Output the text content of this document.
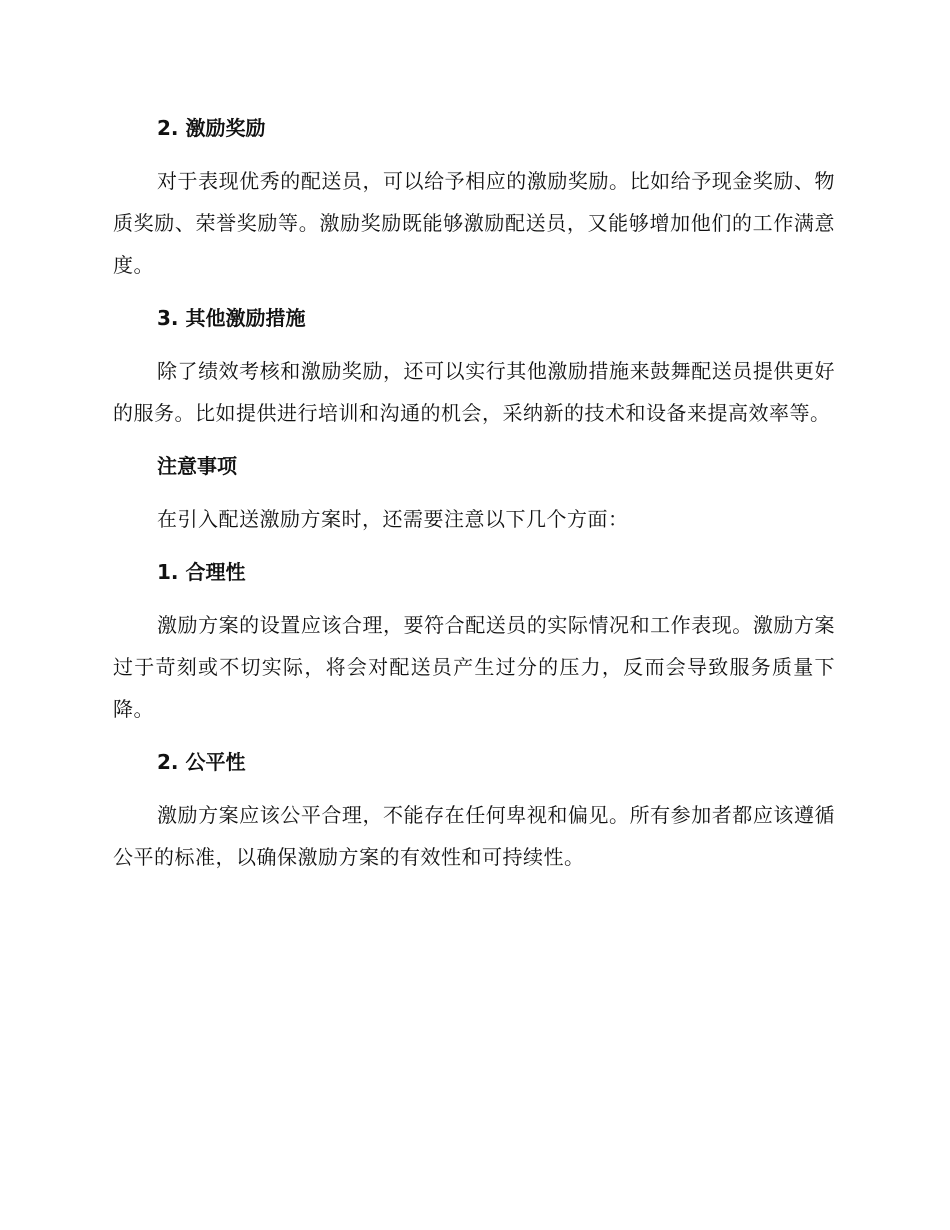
2. 激励奖励

对于表现优秀的配送员，可以给予相应的激励奖励。比如给予现金奖励、物质奖励、荣誉奖励等。激励奖励既能够激励配送员，又能够增加他们的工作满意度。

3. 其他激励措施

除了绩效考核和激励奖励，还可以实行其他激励措施来鼓舞配送员提供更好的服务。比如提供进行培训和沟通的机会，采纳新的技术和设备来提高效率等。

注意事项

在引入配送激励方案时，还需要注意以下几个方面：

1. 合理性

激励方案的设置应该合理，要符合配送员的实际情况和工作表现。激励方案过于苛刻或不切实际，将会对配送员产生过分的压力，反而会导致服务质量下降。

2. 公平性

激励方案应该公平合理，不能存在任何卑视和偏见。所有参加者都应该遵循公平的标准，以确保激励方案的有效性和可持续性。
